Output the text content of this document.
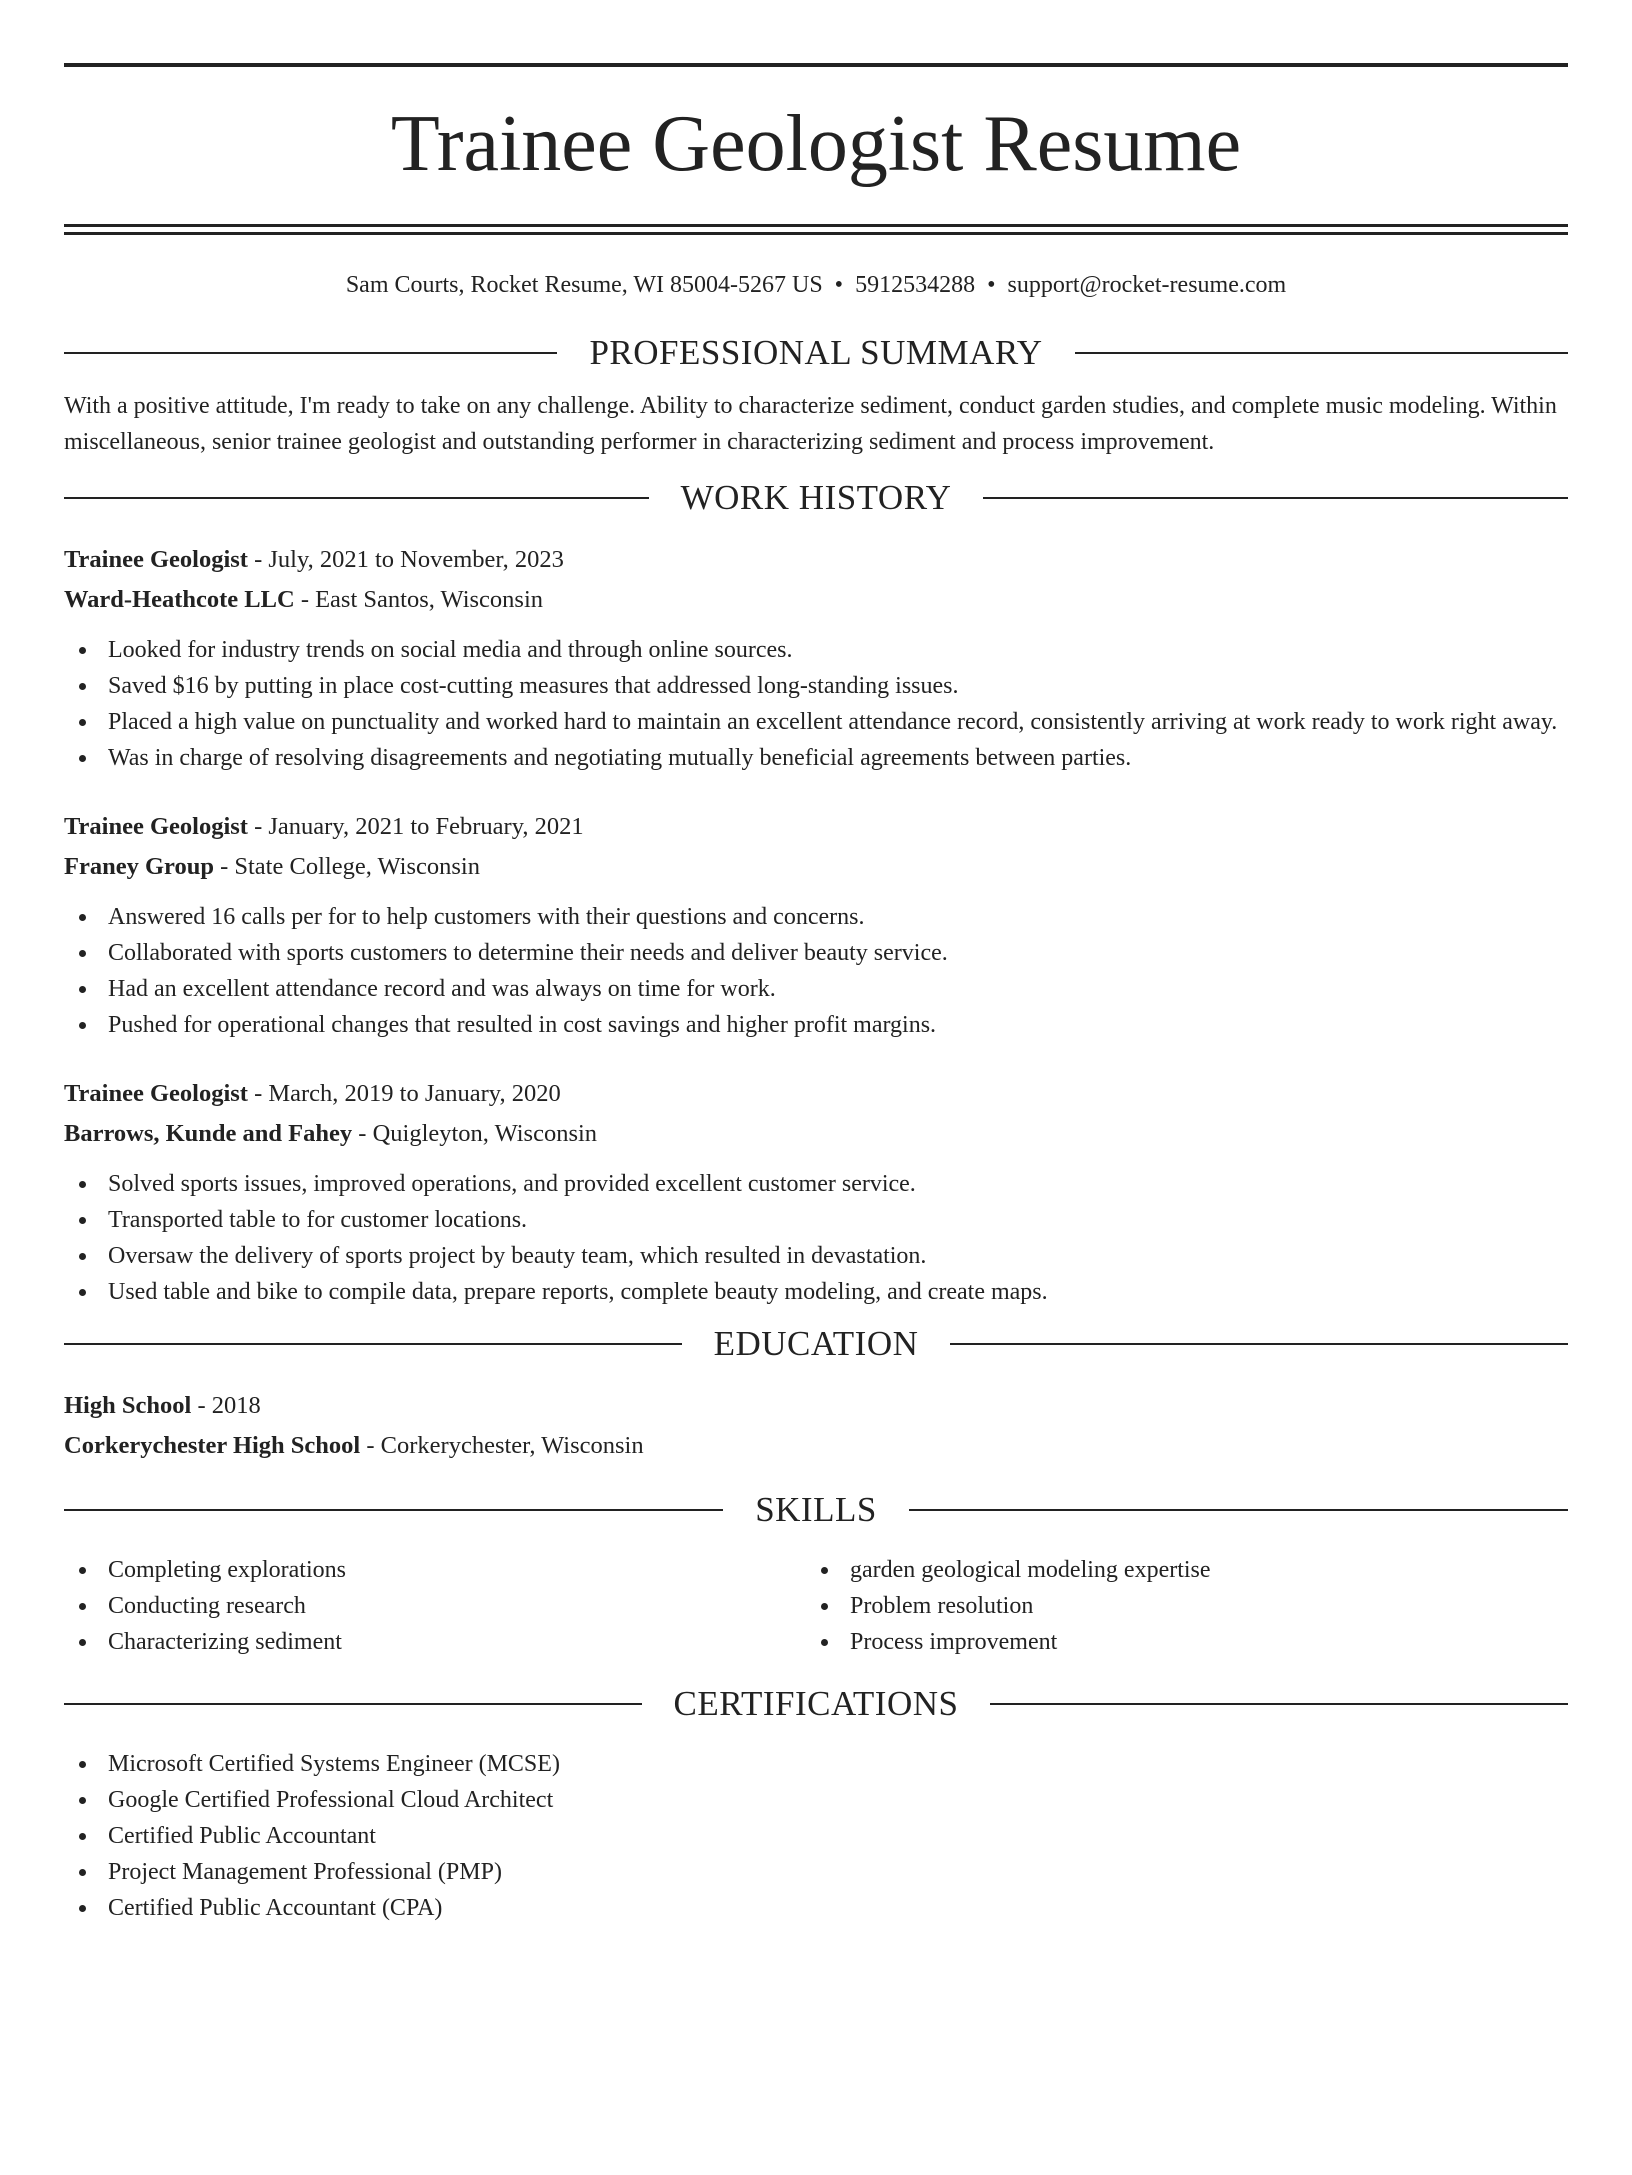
Trainee Geologist Resume
Sam Courts, Rocket Resume, WI 85004-5267 US • 5912534288 • support@rocket-resume.com
PROFESSIONAL SUMMARY

With a positive attitude, I'm ready to take on any challenge. Ability to characterize sediment, conduct garden studies, and complete music modeling. Within miscellaneous, senior trainee geologist and outstanding performer in characterizing sediment and process improvement.

WORK HISTORY
Trainee Geologist - July, 2021 to November, 2023
Ward-Heathcote LLC - East Santos, Wisconsin
Looked for industry trends on social media and through online sources.
Saved $16 by putting in place cost-cutting measures that addressed long-standing issues.
Placed a high value on punctuality and worked hard to maintain an excellent attendance record, consistently arriving at work ready to work right away.
Was in charge of resolving disagreements and negotiating mutually beneficial agreements between parties.
Trainee Geologist - January, 2021 to February, 2021
Franey Group - State College, Wisconsin
Answered 16 calls per for to help customers with their questions and concerns.
Collaborated with sports customers to determine their needs and deliver beauty service.
Had an excellent attendance record and was always on time for work.
Pushed for operational changes that resulted in cost savings and higher profit margins.
Trainee Geologist - March, 2019 to January, 2020
Barrows, Kunde and Fahey - Quigleyton, Wisconsin
Solved sports issues, improved operations, and provided excellent customer service.
Transported table to for customer locations.
Oversaw the delivery of sports project by beauty team, which resulted in devastation.
Used table and bike to compile data, prepare reports, complete beauty modeling, and create maps.
EDUCATION
High School - 2018
Corkerychester High School - Corkerychester, Wisconsin
SKILLS
Completing explorations
Conducting research
Characterizing sediment
garden geological modeling expertise
Problem resolution
Process improvement
CERTIFICATIONS
Microsoft Certified Systems Engineer (MCSE)
Google Certified Professional Cloud Architect
Certified Public Accountant
Project Management Professional (PMP)
Certified Public Accountant (CPA)
